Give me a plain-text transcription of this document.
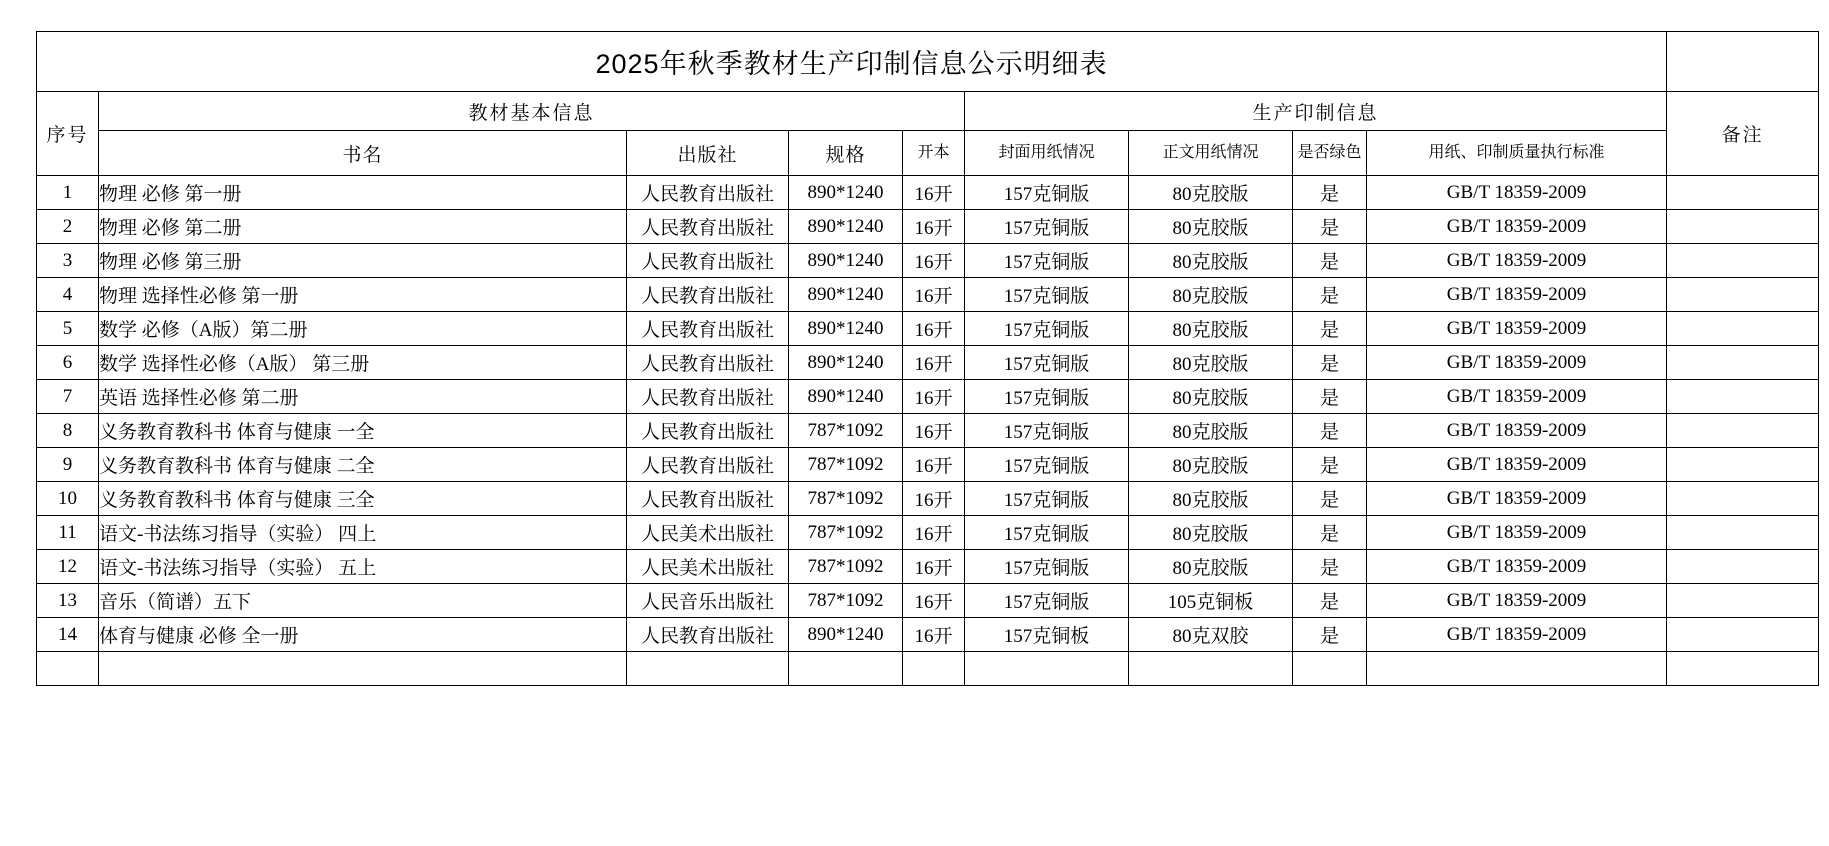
2025年秋季教材生产印制信息公示明细表									
序号	教材基本信息				生产印制信息				备注
	书名	出版社	规格	开本	封面用纸情况	正文用纸情况	是否绿色	用纸、印制质量执行标准	
1	物理 必修 第一册	人民教育出版社	890*1240	16开	157克铜版	80克胶版	是	GB/T 18359-2009	
2	物理 必修 第二册	人民教育出版社	890*1240	16开	157克铜版	80克胶版	是	GB/T 18359-2009	
3	物理 必修 第三册	人民教育出版社	890*1240	16开	157克铜版	80克胶版	是	GB/T 18359-2009	
4	物理 选择性必修 第一册	人民教育出版社	890*1240	16开	157克铜版	80克胶版	是	GB/T 18359-2009	
5	数学 必修（A版）第二册	人民教育出版社	890*1240	16开	157克铜版	80克胶版	是	GB/T 18359-2009	
6	数学 选择性必修（A版） 第三册	人民教育出版社	890*1240	16开	157克铜版	80克胶版	是	GB/T 18359-2009	
7	英语 选择性必修 第二册	人民教育出版社	890*1240	16开	157克铜版	80克胶版	是	GB/T 18359-2009	
8	义务教育教科书 体育与健康 一全	人民教育出版社	787*1092	16开	157克铜版	80克胶版	是	GB/T 18359-2009	
9	义务教育教科书 体育与健康 二全	人民教育出版社	787*1092	16开	157克铜版	80克胶版	是	GB/T 18359-2009	
10	义务教育教科书 体育与健康 三全	人民教育出版社	787*1092	16开	157克铜版	80克胶版	是	GB/T 18359-2009	
11	语文-书法练习指导（实验） 四上	人民美术出版社	787*1092	16开	157克铜版	80克胶版	是	GB/T 18359-2009	
12	语文-书法练习指导（实验） 五上	人民美术出版社	787*1092	16开	157克铜版	80克胶版	是	GB/T 18359-2009	
13	音乐（简谱）五下	人民音乐出版社	787*1092	16开	157克铜版	105克铜板	是	GB/T 18359-2009	
14	体育与健康 必修 全一册	人民教育出版社	890*1240	16开	157克铜板	80克双胶	是	GB/T 18359-2009	
